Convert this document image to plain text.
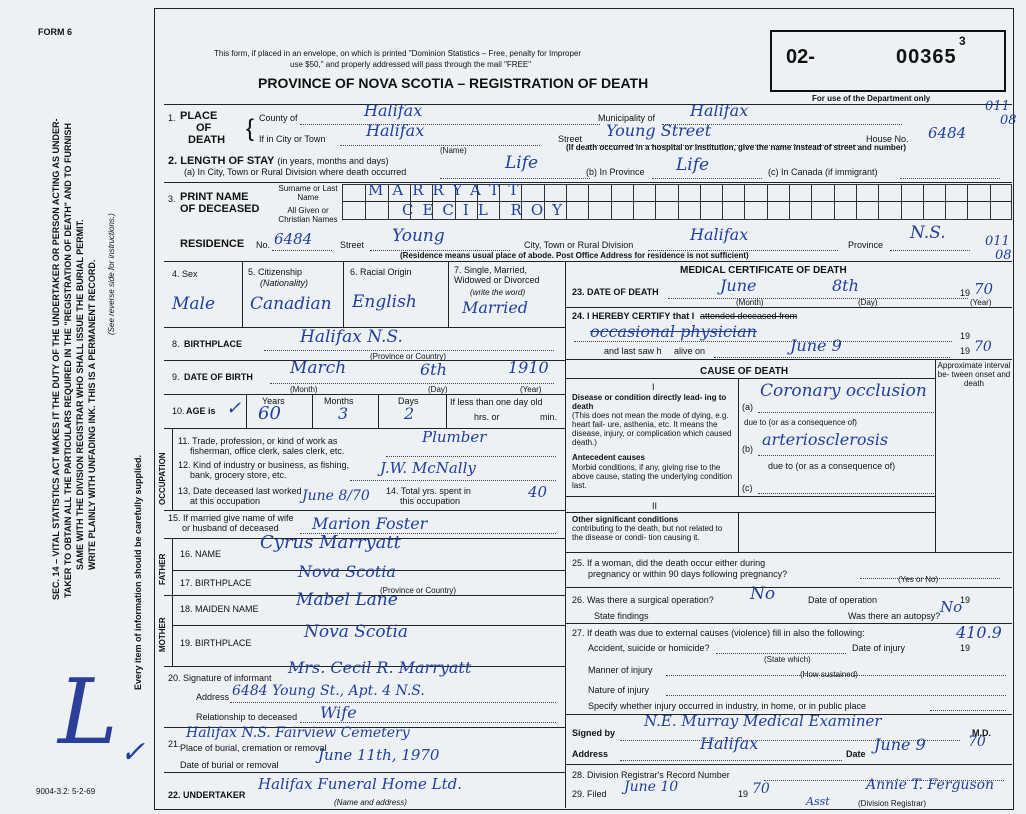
FORM 6
9004-3.2: 5-2-69
L ✓
SEC. 14 – VITAL STATISTICS ACT MAKES IT THE DUTY OF THE UNDERTAKER OR PERSON ACTING AS UNDER- TAKER TO OBTAIN ALL THE PARTICULARS REQUIRED IN THE "REGISTRATION OF DEATH" AND TO FURNISH SAME WITH THE DIVISION REGISTRAR WHO SHALL ISSUE THE BURIAL PERMIT. WRITE PLAINLY WITH UNFADING INK. THIS IS A PERMANENT RECORD. (See reverse side for instructions.)
Every item of information should be carefully supplied.
This form, if placed in an envelope, on which is printed "Dominion Statistics – Free, penalty for Improper
use $50," and properly addressed will pass through the mail "FREE"
PROVINCE OF NOVA SCOTIA – REGISTRATION OF DEATH
02-	00365
3
For use of the Department only
1. PLACE
OF
DEATH { County of	Halifax	Municipality of Halifax	011
If in City or Town	Halifax
(Name)
Street Young Street	House No. 6484
08
(If death occurred in a hospital or institution, give the name instead of street and number)
2. LENGTH OF STAY (in years, months and days)
(a) In City, Town or Rural Division where death occurred	Life	(b) In Province Life	(c) In Canada (if immigrant)
3. PRINT NAME
OF DECEASED
Surname or Last Name
All Given or Christian Names
MARRYATT
CECIL ROY
RESIDENCE No. 6484	Street Young	City, Town or Rural Division
Halifax
Province
N.S.	011
08
(Residence means usual place of abode. Post Office Address for residence is not sufficient)
4. Sex
Male
5. Citizenship
(Nationality)
Canadian
6. Racial Origin
English
7. Single, Married, Widowed or Divorced
(write the word)
Married
8. BIRTHPLACE	Halifax N.S.
(Province or Country)
9. DATE OF BIRTH March	6th	1910
(Month)	(Day)	(Year)
10. AGE is ✓ Years
60
Months
3
Days
2
If less than one day old
hrs. or	min.
OCCUPATION
11. Trade, profession, or kind of work as
fisherman, office clerk, sales clerk, etc.
Plumber
12. Kind of industry or business, as fishing,
bank, grocery store, etc.	J.W. McNally
13. Date deceased last worked
at this occupation	June 8/70 14. Total yrs. spent in
this occupation	40
15. If married give name of wife
or husband of deceased Marion Foster
FATHER 16. NAME
Cyrus Marryatt
17. BIRTHPLACE
Nova Scotia
(Province or Country)
MOTHER
18. MAIDEN NAME Mabel Lane
19. BIRTHPLACE
Nova Scotia
20. Signature of informant
Mrs. Cecil R. Marryatt
Address 6484 Young St., Apt. 4 N.S.
Relationship to deceased Wife
21. Place of burial, cremation or removal
Halifax N.S. Fairview Cemetery
Date of burial or removal
June 11th, 1970
22. UNDERTAKER
Halifax Funeral Home Ltd.
(Name and address)
MEDICAL CERTIFICATE OF DEATH
23. DATE OF DEATH	June	8th	19 70
(Month)	(Day)	(Year)
24. I HEREBY CERTIFY that I attended deceased from
occasional physician	19
and last saw h alive on	June 9	19 70
CAUSE OF DEATH
Approximate interval be- tween onset and death
I
Disease or condition directly lead- ing to death
(This does not mean the mode of dying, e.g. heart fail- ure, asthenia, etc. It means the disease, injury, or complication which caused death.)
(a)
Coronary occlusion
due to (or as a consequence of)
(b) arteriosclerosis
Antecedent causes
Morbid conditions, if any, giving rise to the above cause, stating the underlying condition last.
due to (or as a consequence of)
(c)
II
Other significant conditions
contributing to the death, but not related to the disease or condi- tion causing it.
25. If a woman, did the death occur either during
pregnancy or within 90 days following pregnancy?
(Yes or No)
26. Was there a surgical operation? No	Date of operation	19
State findings	Was there an autopsy? No
27. If death was due to external causes (violence) fill in also the following:	410.9
Accident, suicide or homicide?
(State which)
Date of injury	19
Manner of injury	(How sustained)
Nature of injury
Specify whether injury occurred in industry, in home, or in public place
Signed by
N.E. Murray Medical Examiner
M.D.
Address
Halifax
Date June 9	70
28. Division Registrar's Record Number
29. Filed June 10	19 70
Asst
Annie T. Ferguson
(Division Registrar)
